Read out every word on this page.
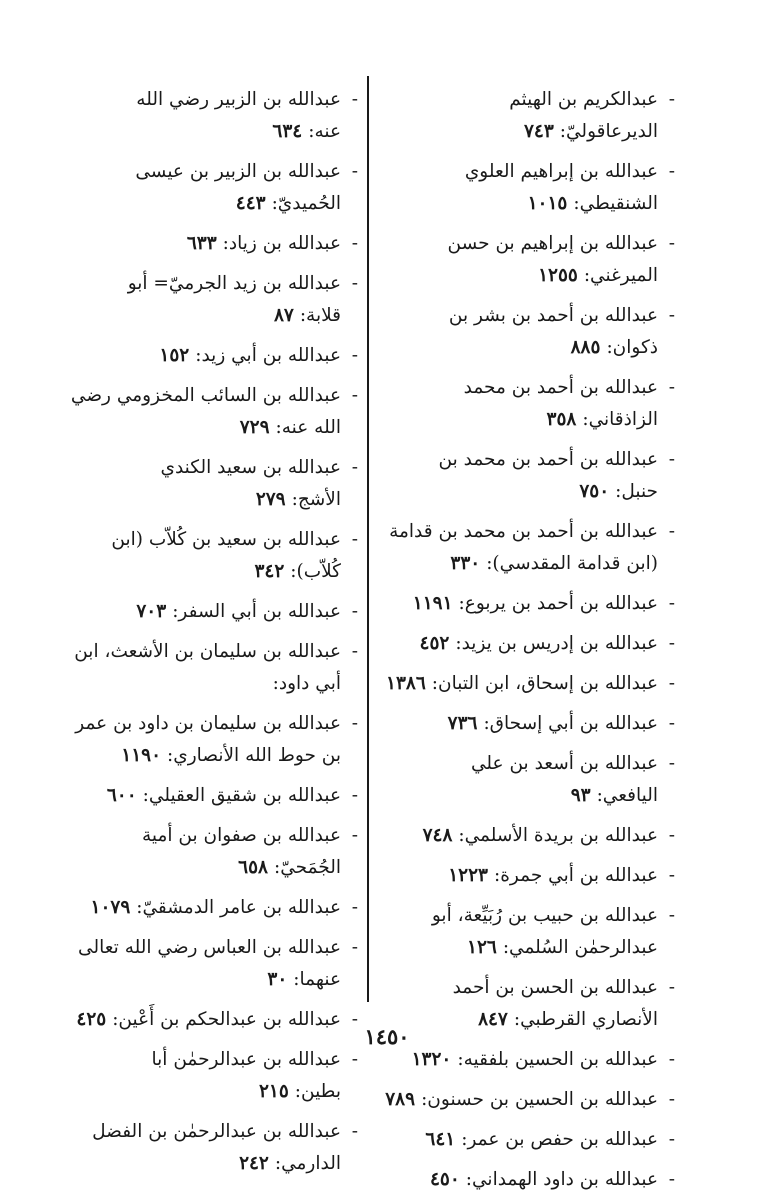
-
عبدالكريم بن الهيثم الديرعاقوليّ:٧٤٣
-
عبدالله بن إبراهيم العلوي الشنقيطي:١٠١٥
-
عبدالله بن إبراهيم بن حسن الميرغني:١٢٥٥
-
عبدالله بن أحمد بن بشر بن ذكوان:٨٨٥
-
عبدالله بن أحمد بن محمد الزاذقاني:٣٥٨
-
عبدالله بن أحمد بن محمد بن حنبل:٧٥٠
-
عبدالله بن أحمد بن محمد بن قدامة (ابن قدامة المقدسي):٣٣٠
-
عبدالله بن أحمد بن يربوع:١١٩١
-
عبدالله بن إدريس بن يزيد:٤٥٢
-
عبدالله بن إسحاق، ابن التبان:١٣٨٦
-
عبدالله بن أبي إسحاق:٧٣٦
-
عبدالله بن أسعد بن علي اليافعي:٩٣
-
عبدالله بن بريدة الأسلمي:٧٤٨
-
عبدالله بن أبي جمرة:١٢٢٣
-
عبدالله بن حبيب بن رُبَيِّعة، أبو عبدالرحمٰن السُلمي:١٢٦
-
عبدالله بن الحسن بن أحمد الأنصاري القرطبي:٨٤٧
-
عبدالله بن الحسين بلفقيه:١٣٢٠
-
عبدالله بن الحسين بن حسنون:٧٨٩
-
عبدالله بن حفص بن عمر:٦٤١
-
عبدالله بن داود الهمداني:٤٥٠
-
عبدالله بن الزبير رضي الله عنه:٦٣٤
-
عبدالله بن الزبير بن عيسى الحُميديّ:٤٤٣
-
عبدالله بن زياد:٦٣٣
-
عبدالله بن زيد الجرميّ= أبو قلابة:٨٧
-
عبدالله بن أبي زيد:١٥٢
-
عبدالله بن السائب المخزومي رضي الله عنه:٧٢٩
-
عبدالله بن سعيد الكندي الأشج:٢٧٩
-
عبدالله بن سعيد بن كُلاّب (ابن كُلاّب):٣٤٢
-
عبدالله بن أبي السفر:٧٠٣
-
عبدالله بن سليمان بن الأشعث، ابن أبي داود:
-
عبدالله بن سليمان بن داود بن عمر بن حوط الله الأنصاري:١١٩٠
-
عبدالله بن شقيق العقيلي:٦٠٠
-
عبدالله بن صفوان بن أمية الجُمَحيّ:٦٥٨
-
عبدالله بن عامر الدمشقيّ:١٠٧٩
-
عبدالله بن العباس رضي الله تعالى عنهما:٣٠
-
عبدالله بن عبدالحكم بن أَعْين:٤٢٥
-
عبدالله بن عبدالرحمٰن أبا بطين:٢١٥
-
عبدالله بن عبدالرحمٰن بن الفضل الدارمي:٢٤٢
١٤٥٠
